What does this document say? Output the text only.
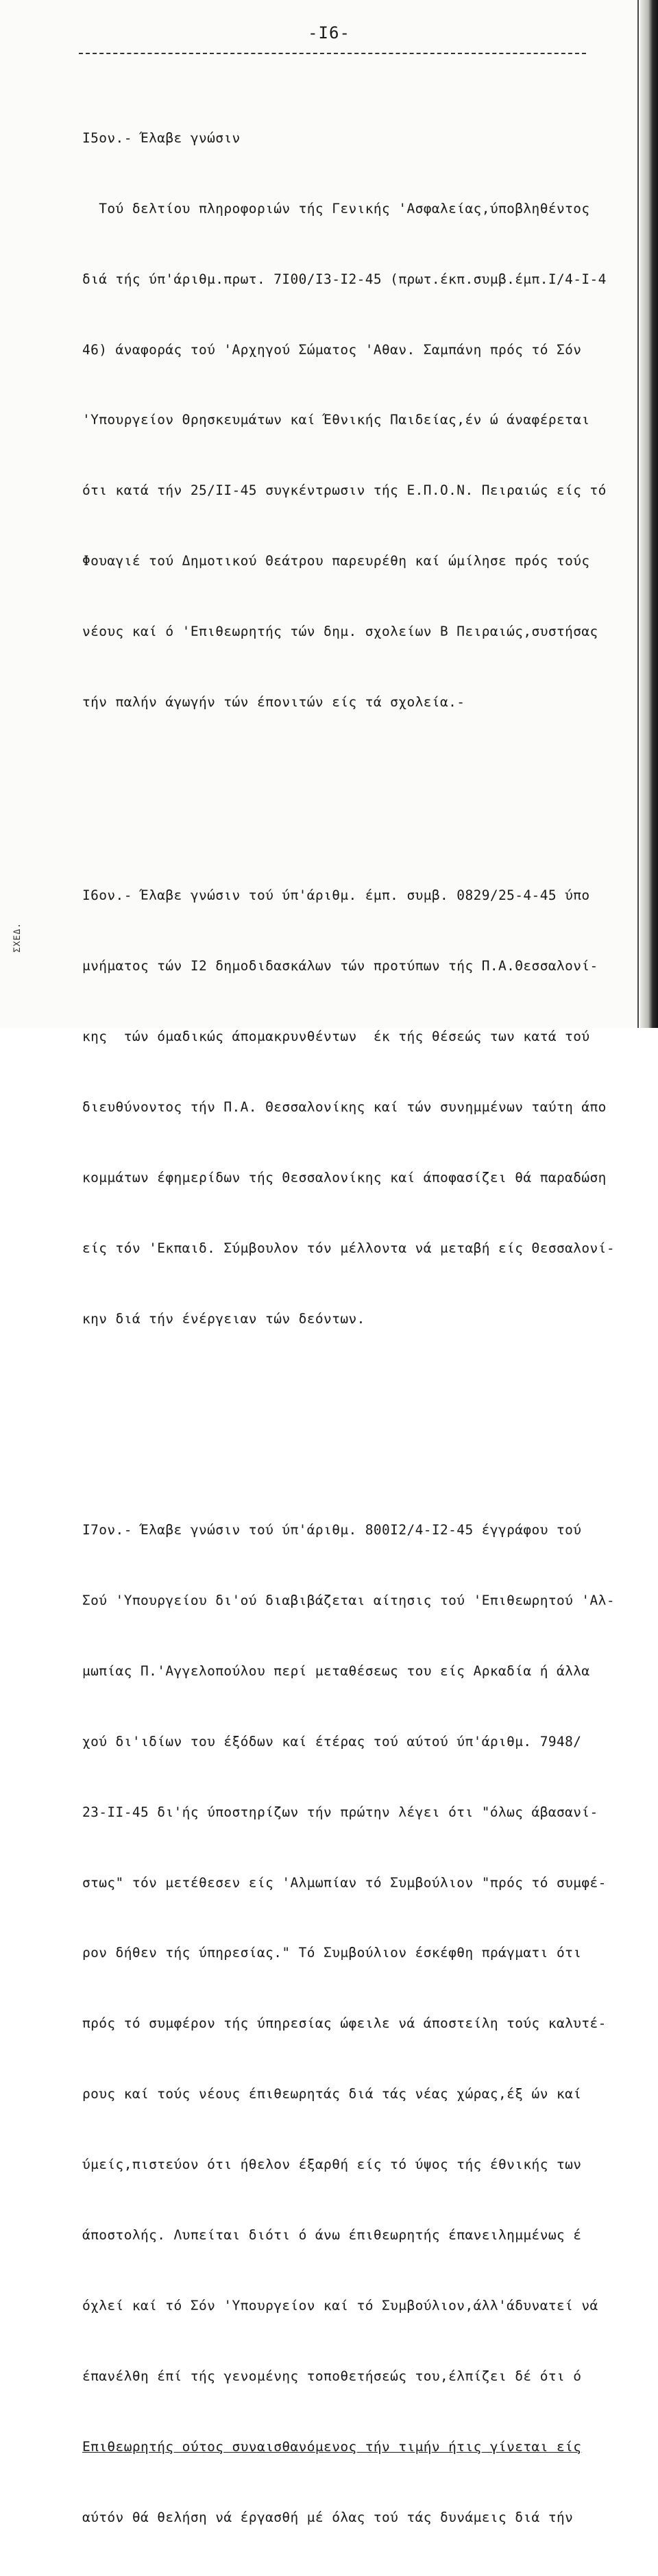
-I6-

I5ον.- Έλαβε γνώσιν

Τού δελτίου πληροφοριών τής Γενικής 'Ασφαλείας,ύποβληθέντος

διά τής ύπ'άριθμ.πρωτ. 7I00/I3-I2-45 (πρωτ.έκπ.συμβ.έμπ.I/4-I-4

46) άναφοράς τού 'Αρχηγού Σώματος 'Αθαν. Σαμπάνη πρός τό Σόν

'Υπουργείον Θρησκευμάτων καί Έθνικής Παιδείας,έν ώ άναφέρεται

ότι κατά τήν 25/II-45 συγκέντρωσιν τής Ε.Π.Ο.Ν. Πειραιώς είς τό

Φουαγιέ τού Δημοτικού Θεάτρου παρευρέθη καί ώμίλησε πρός τούς

νέους καί ό 'Επιθεωρητής τών δημ. σχολείων Β Πειραιώς,συστήσας

τήν παλήν άγωγήν τών έπονιτών είς τά σχολεία.-

I6ον.- Έλαβε γνώσιν τού ύπ'άριθμ. έμπ. συμβ. 0829/25-4-45 ύπο

μνήματος τών I2 δημοδιδασκάλων τών προτύπων τής Π.Α.Θεσσαλονί-

κης  τών όμαδικώς άπομακρυνθέντων  έκ τής θέσεώς των κατά τού

διευθύνοντος τήν Π.Α. Θεσσαλονίκης καί τών συνημμένων ταύτη άπο

κομμάτων έφημερίδων τής Θεσσαλονίκης καί άποφασίζει θά παραδώση

είς τόν 'Εκπαιδ. Σύμβουλον τόν μέλλοντα νά μεταβή είς Θεσσαλονί-

κην διά τήν ένέργειαν τών δεόντων.

I7ον.- Έλαβε γνώσιν τού ύπ'άριθμ. 800I2/4-I2-45 έγγράφου τού

Σού 'Υπουργείου δι'ού διαβιβάζεται αίτησις τού 'Επιθεωρητού 'Αλ-

μωπίας Π.'Αγγελοπούλου περί μεταθέσεως του είς Αρκαδία ή άλλα

χού δι'ιδίων του έξόδων καί έτέρας τού αύτού ύπ'άριθμ. 7948/

23-II-45 δι'ής ύποστηρίζων τήν πρώτην λέγει ότι "όλως άβασανί-

στως" τόν μετέθεσεν είς 'Αλμωπίαν τό Συμβούλιον "πρός τό συμφέ-

ρον δήθεν τής ύπηρεσίας." Τό Συμβούλιον έσκέφθη πράγματι ότι

πρός τό συμφέρον τής ύπηρεσίας ώφειλε νά άποστείλη τούς καλυτέ-

ρους καί τούς νέους έπιθεωρητάς διά τάς νέας χώρας,έξ ών καί

ύμείς,πιστεύον ότι ήθελον έξαρθή είς τό ύψος τής έθνικής των

άποστολής. Λυπείται διότι ό άνω έπιθεωρητής έπανειλημμένως έ

όχλεί καί τό Σόν 'Υπουργείον καί τό Συμβούλιον,άλλ'άδυνατεί νά

έπανέλθη έπί τής γενομένης τοποθετήσεώς του,έλπίζει δέ ότι ό

Επιθεωρητής ούτος συναισθανόμενος τήν τιμήν ήτις γίνεται είς

αύτόν θά θελήση νά έργασθή μέ όλας τού τάς δυνάμεις διά τήν

ΣΧΕΔ.
